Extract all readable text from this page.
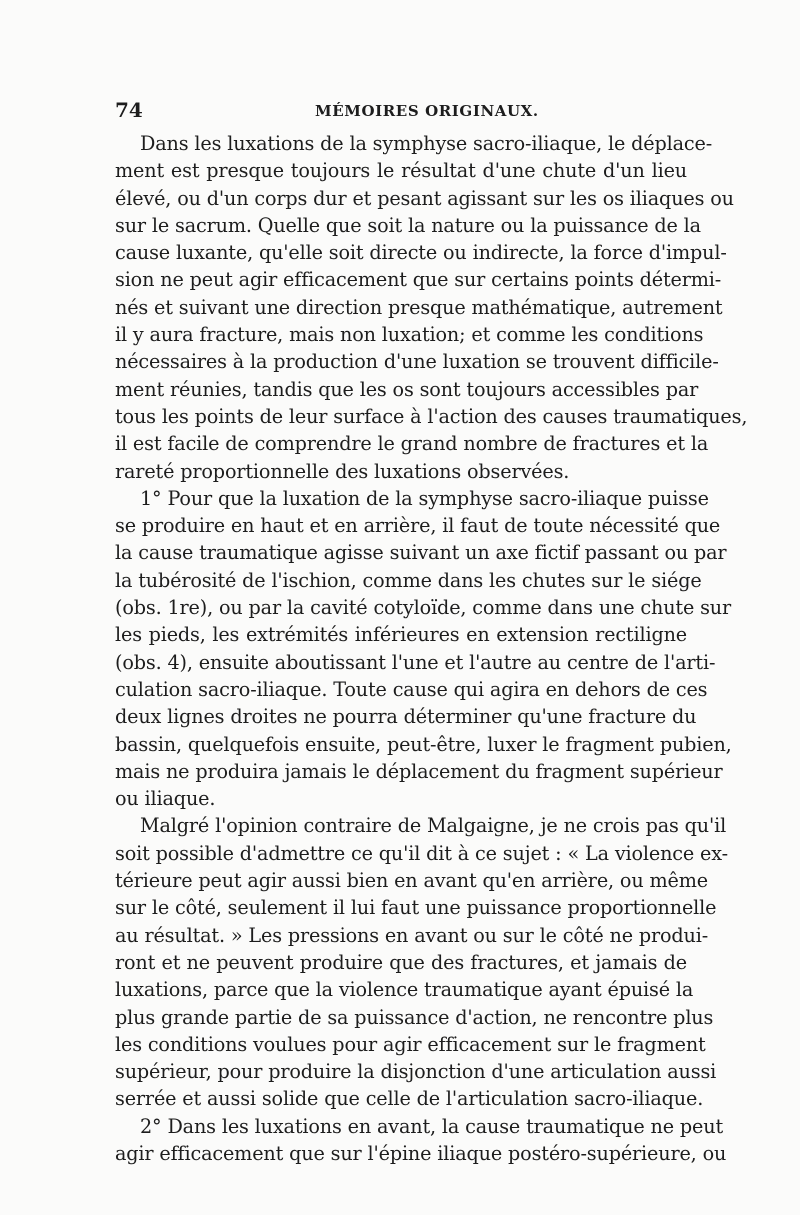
74	MÉMOIRES ORIGINAUX.
Dans les luxations de la symphyse sacro-iliaque, le déplace-
ment est presque toujours le résultat d'une chute d'un lieu
élevé, ou d'un corps dur et pesant agissant sur les os iliaques ou
sur le sacrum. Quelle que soit la nature ou la puissance de la
cause luxante, qu'elle soit directe ou indirecte, la force d'impul-
sion ne peut agir efficacement que sur certains points détermi-
nés et suivant une direction presque mathématique, autrement
il y aura fracture, mais non luxation; et comme les conditions
nécessaires à la production d'une luxation se trouvent difficile-
ment réunies, tandis que les os sont toujours accessibles par
tous les points de leur surface à l'action des causes traumatiques,
il est facile de comprendre le grand nombre de fractures et la
rareté proportionnelle des luxations observées.
1° Pour que la luxation de la symphyse sacro-iliaque puisse
se produire en haut et en arrière, il faut de toute nécessité que
la cause traumatique agisse suivant un axe fictif passant ou par
la tubérosité de l'ischion, comme dans les chutes sur le siége
(obs. 1re), ou par la cavité cotyloïde, comme dans une chute sur
les pieds, les extrémités inférieures en extension rectiligne
(obs. 4), ensuite aboutissant l'une et l'autre au centre de l'arti-
culation sacro-iliaque. Toute cause qui agira en dehors de ces
deux lignes droites ne pourra déterminer qu'une fracture du
bassin, quelquefois ensuite, peut-être, luxer le fragment pubien,
mais ne produira jamais le déplacement du fragment supérieur
ou iliaque.
Malgré l'opinion contraire de Malgaigne, je ne crois pas qu'il
soit possible d'admettre ce qu'il dit à ce sujet : « La violence ex-
térieure peut agir aussi bien en avant qu'en arrière, ou même
sur le côté, seulement il lui faut une puissance proportionnelle
au résultat. » Les pressions en avant ou sur le côté ne produi-
ront et ne peuvent produire que des fractures, et jamais de
luxations, parce que la violence traumatique ayant épuisé la
plus grande partie de sa puissance d'action, ne rencontre plus
les conditions voulues pour agir efficacement sur le fragment
supérieur, pour produire la disjonction d'une articulation aussi
serrée et aussi solide que celle de l'articulation sacro-iliaque.
2° Dans les luxations en avant, la cause traumatique ne peut
agir efficacement que sur l'épine iliaque postéro-supérieure, ou
